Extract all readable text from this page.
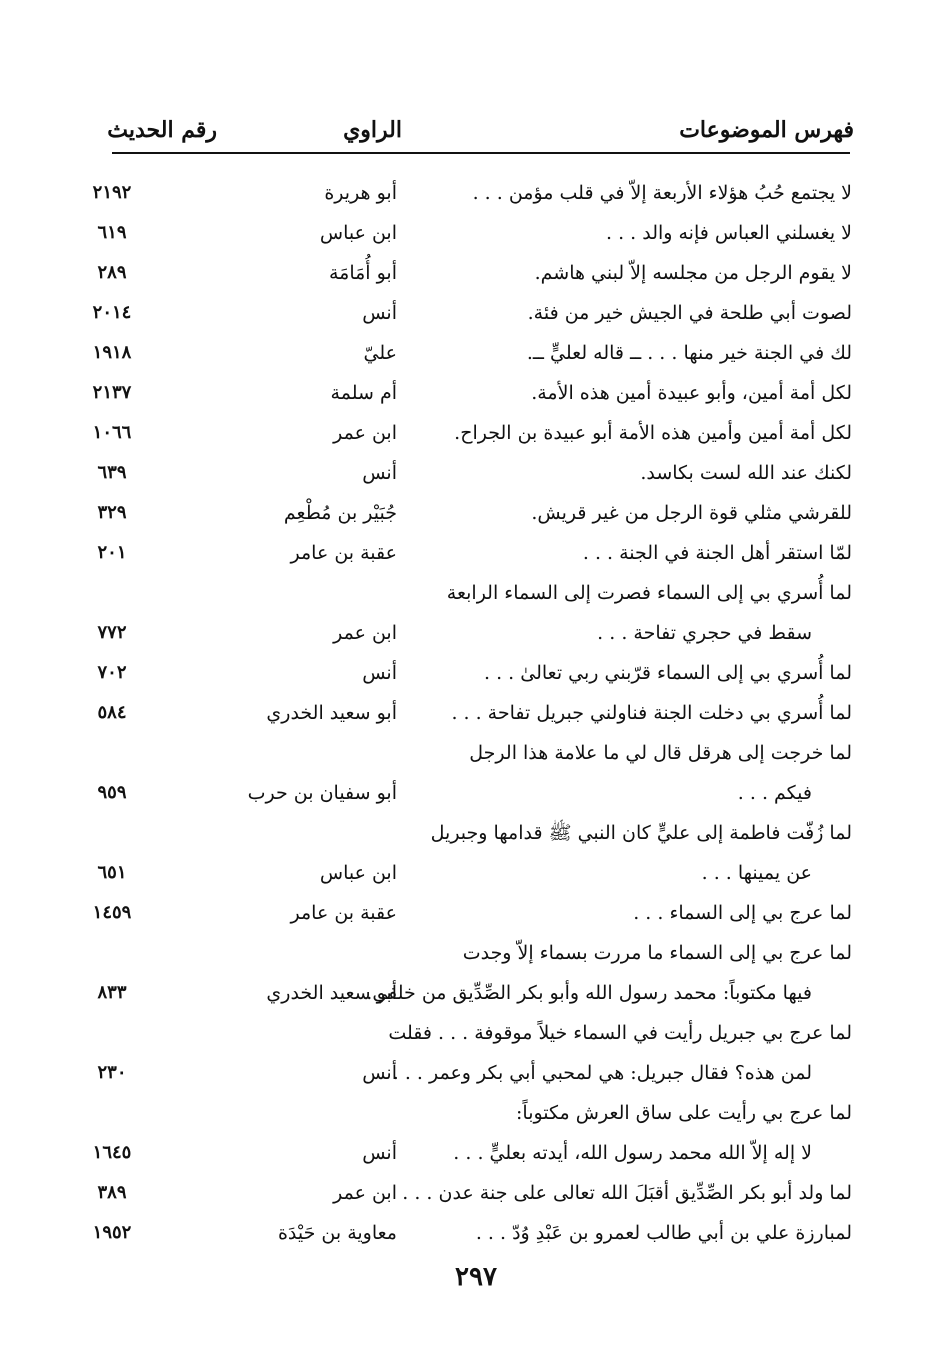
فهرس الموضوعات
الراوي
رقم الحديث
لا يجتمع حُبُ هؤلاء الأربعة إلاّ في قلب مؤمن . . .
أبو هريرة
٢١٩٢
لا يغسلني العباس فإنه والد . . .
ابن عباس
٦١٩
لا يقوم الرجل من مجلسه إلاّ لبني هاشم.
أبو أُمَامَة
٢٨٩
لصوت أبي طلحة في الجيش خير من فئة.
أنس
٢٠١٤
لك في الجنة خير منها . . . ــ قاله لعليٍّ ــ.
عليّ
١٩١٨
لكل أمة أمين، وأبو عبيدة أمين هذه الأمة.
أم سلمة
٢١٣٧
لكل أمة أمين وأمين هذه الأمة أبو عبيدة بن الجراح.
ابن عمر
١٠٦٦
لكنك عند الله لست بكاسد.
أنس
٦٣٩
للقرشي مثلي قوة الرجل من غير قريش.
جُبَيْر بن مُطْعِم
٣٢٩
لمّا استقر أهل الجنة في الجنة . . .
عقبة بن عامر
٢٠١
لما أُسري بي إلى السماء فصرت إلى السماء الرابعة
سقط في حجري تفاحة . . .
ابن عمر
٧٧٢
لما أُسري بي إلى السماء قرّبني ربي تعالىٰ . . .
أنس
٧٠٢
لما أُسري بي دخلت الجنة فناولني جبريل تفاحة . . .
أبو سعيد الخدري
٥٨٤
لما خرجت إلى هرقل قال لي ما علامة هذا الرجل
فيكم . . .
أبو سفيان بن حرب
٩٥٩
لما زُفّت فاطمة إلى عليٍّ كان النبي ﷺ قدامها وجبريل
عن يمينها . . .
ابن عباس
٦٥١
لما عرج بي إلى السماء . . .
عقبة بن عامر
١٤٥٩
لما عرج بي إلى السماء ما مررت بسماء إلاّ وجدت
فيها مكتوباً: محمد رسول الله وأبو بكر الصِّدِّيق من خلفي.
أبو سعيد الخدري
٨٣٣
لما عرج بي جبريل رأيت في السماء خيلاً موقوفة . . . فقلت
لمن هذه؟ فقال جبريل: هي لمحبي أبي بكر وعمر . . .
أنس
٢٣٠
لما عرج بي رأيت على ساق العرش مكتوباً:
لا إله إلاّ الله محمد رسول الله، أيدته بعليٍّ . . .
أنس
١٦٤٥
لما ولد أبو بكر الصِّدِّيق أقبَلَ الله تعالى على جنة عدن . . .
ابن عمر
٣٨٩
لمبارزة علي بن أبي طالب لعمرو بن عَبْدِ وُدّ . . .
معاوية بن حَيْدَة
١٩٥٢
٢٩٧
